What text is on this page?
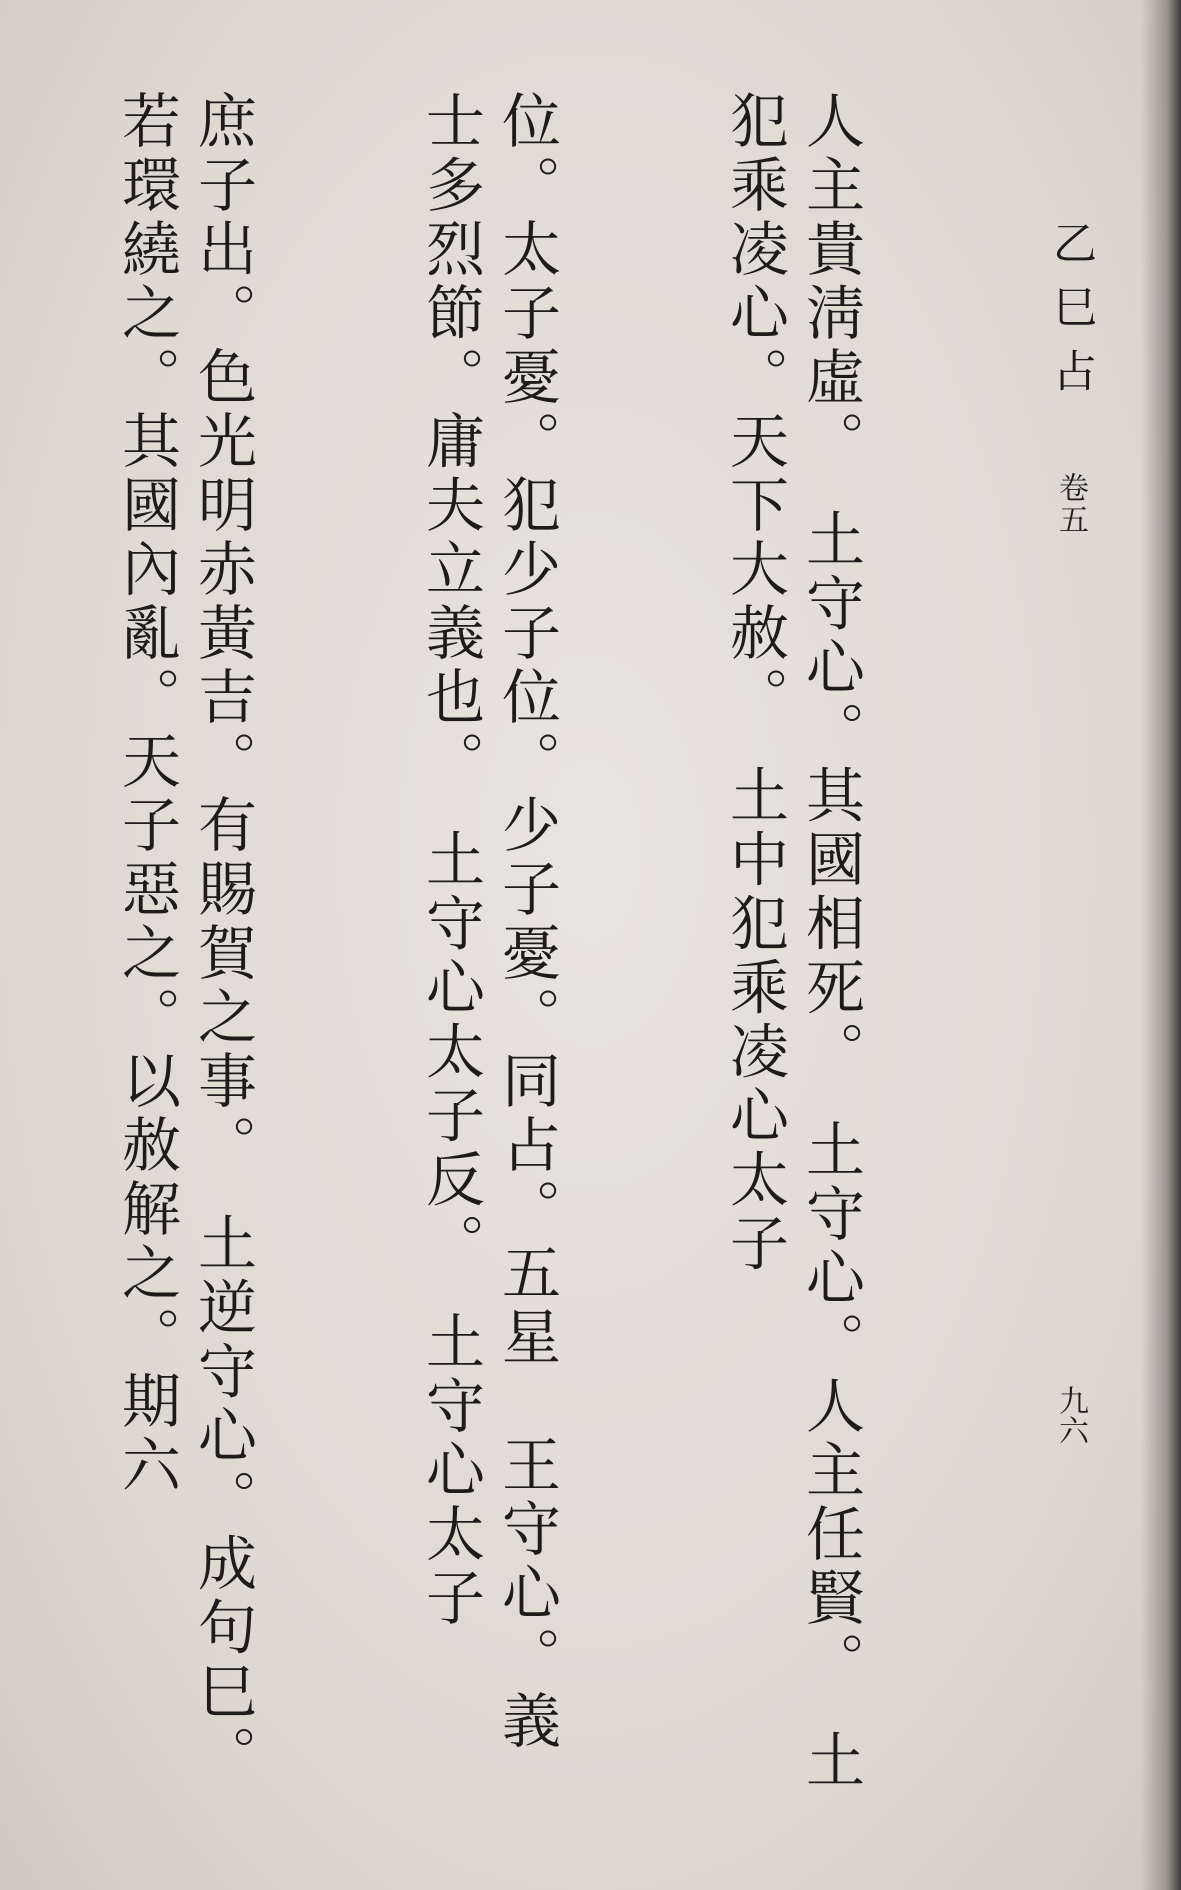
乙巳占
卷五
九六

人主貴淸虛。　土守心。其國相死。　土守心。人主任賢。　土犯乘凌心。天下大赦。　土中犯乘凌心太子

位。太子憂。犯少子位。少子憂。同占。五星　王守心。義士多烈節。庸夫立義也。　土守心太子反。　土守心太子

庶子出。色光明赤黃吉。有賜賀之事。　土逆守心。成句巳。若環繞之。其國內亂。天子惡之。以赦解之。期六
